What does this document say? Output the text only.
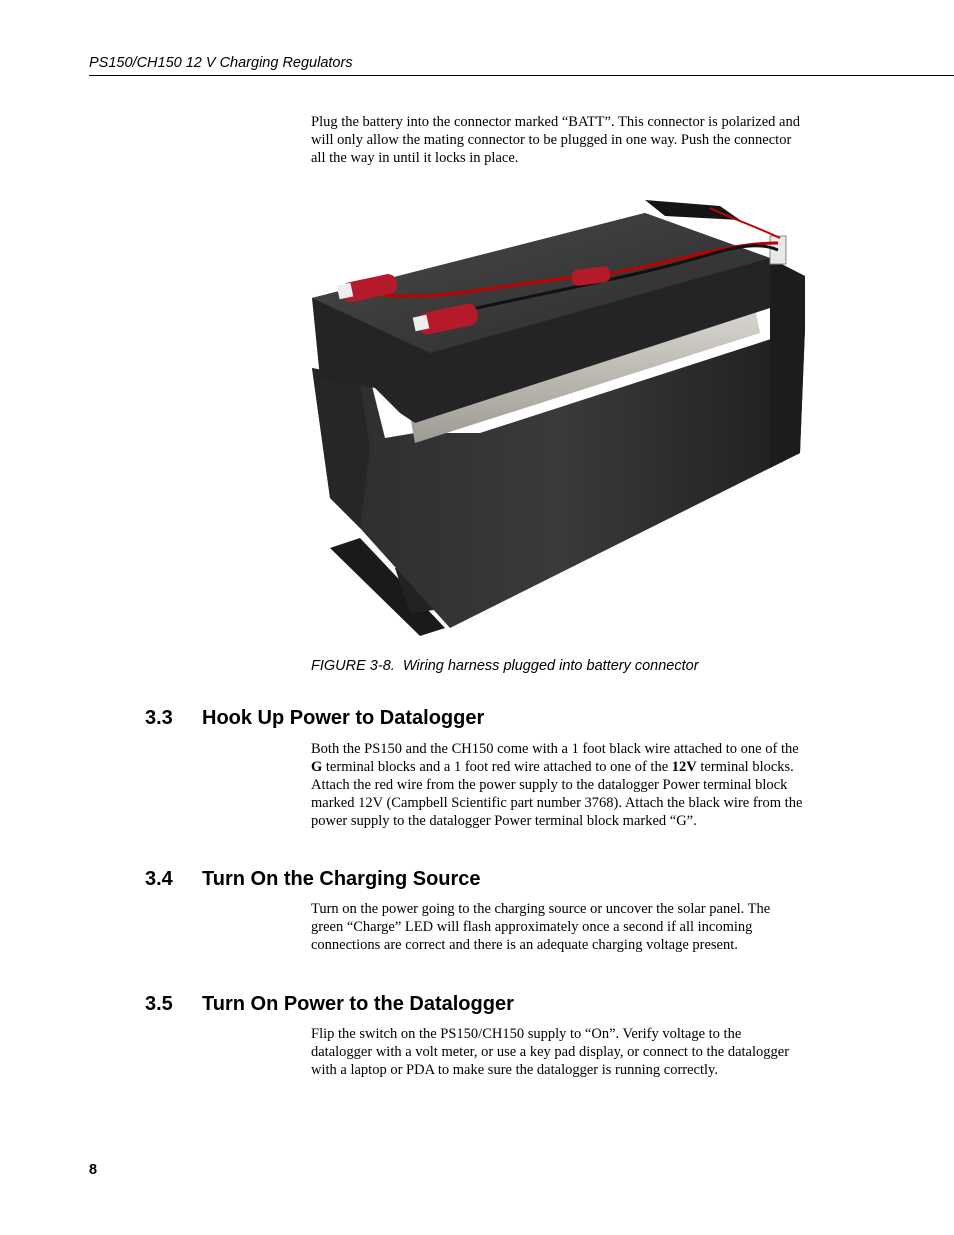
PS150/CH150 12 V Charging Regulators

Plug the battery into the connector marked “BATT”. This connector is polarized and will only allow the mating connector to be plugged in one way. Push the connector all the way in until it locks in place.

FIGURE 3-8. Wiring harness plugged into battery connector
3.3 Hook Up Power to Datalogger

Both the PS150 and the CH150 come with a 1 foot black wire attached to one of the G terminal blocks and a 1 foot red wire attached to one of the 12V terminal blocks. Attach the red wire from the power supply to the datalogger Power terminal block marked 12V (Campbell Scientific part number 3768). Attach the black wire from the power supply to the datalogger Power terminal block marked “G”.

3.4 Turn On the Charging Source

Turn on the power going to the charging source or uncover the solar panel. The green “Charge” LED will flash approximately once a second if all incoming connections are correct and there is an adequate charging voltage present.

3.5 Turn On Power to the Datalogger

Flip the switch on the PS150/CH150 supply to “On”. Verify voltage to the datalogger with a volt meter, or use a key pad display, or connect to the datalogger with a laptop or PDA to make sure the datalogger is running correctly.

8
